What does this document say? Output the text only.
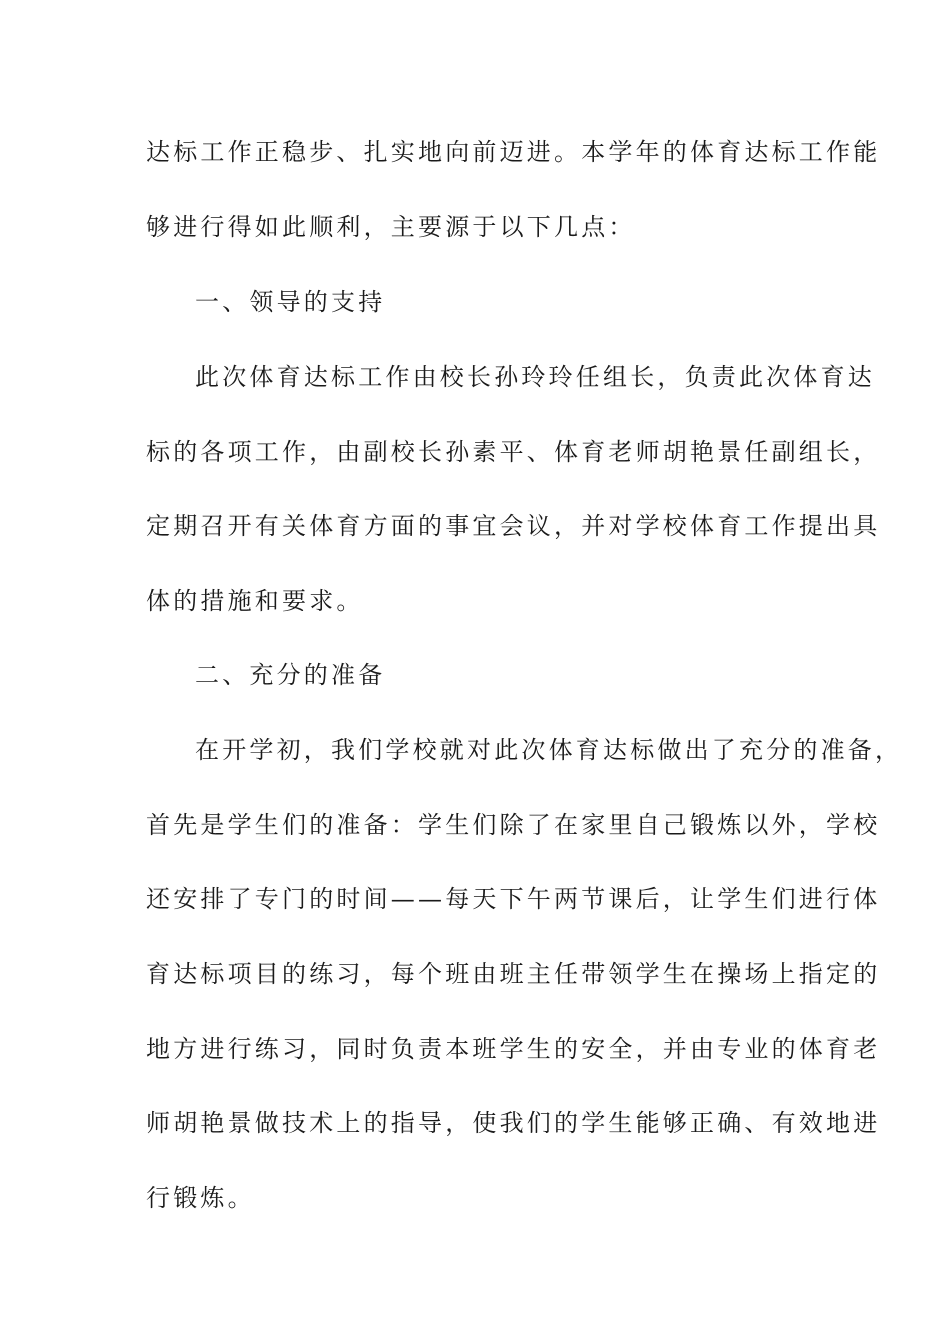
达标工作正稳步、扎实地向前迈进。本学年的体育达标工作能
够进行得如此顺利，主要源于以下几点：
一、领导的支持
此次体育达标工作由校长孙玲玲任组长，负责此次体育达
标的各项工作，由副校长孙素平、体育老师胡艳景任副组长，
定期召开有关体育方面的事宜会议，并对学校体育工作提出具
体的措施和要求。
二、充分的准备
在开学初，我们学校就对此次体育达标做出了充分的准备，
首先是学生们的准备：学生们除了在家里自己锻炼以外，学校
还安排了专门的时间——每天下午两节课后，让学生们进行体
育达标项目的练习，每个班由班主任带领学生在操场上指定的
地方进行练习，同时负责本班学生的安全，并由专业的体育老
师胡艳景做技术上的指导，使我们的学生能够正确、有效地进
行锻炼。
